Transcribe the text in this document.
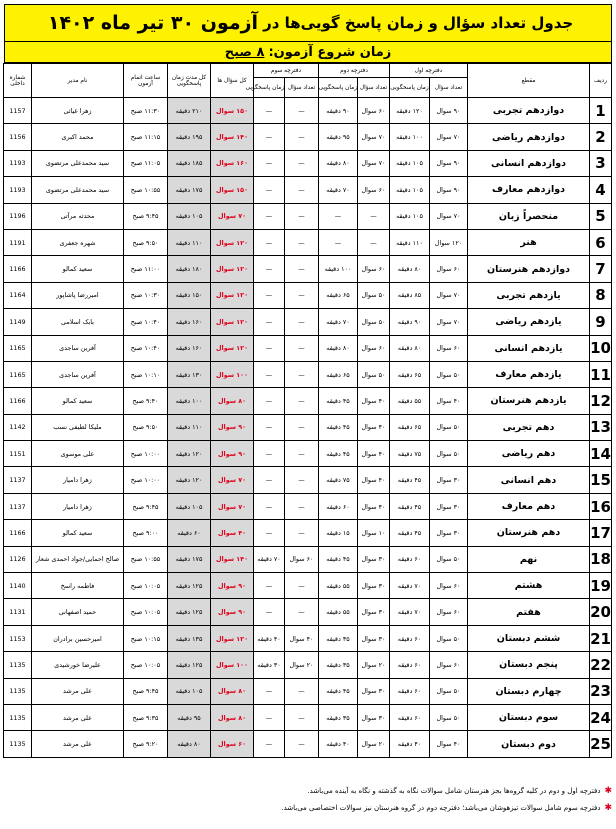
جدول تعداد سؤال و زمان پاسخ گویی‌ها در
آزمون ۳۰ تیر ماه ۱۴۰۲
زمان شروع آزمون:
۸ صبح
ردیف	مقطع	دفترچه اول		دفترچه دوم		دفترچه سوم		کل سؤال ها	کل مدت زمان پاسخگویی	ساعت اتمام آزمون	نام مدیر	شماره داخلی
		تعداد سؤال	زمان پاسخگویی	تعداد سؤال	زمان پاسخگویی	تعداد سؤال	زمان پاسخگویی					
1	دوازدهم تجربی	۹۰ سوال	۱۲۰ دقیقه	۶۰ سوال	۹۰ دقیقه	—	—	۱۵۰ سوال	۲۱۰ دقیقه	۱۱:۳۰ صبح	زهرا غیاثی	1157
2	دوازدهم ریاضی	۷۰ سوال	۱۰۰ دقیقه	۷۰ سوال	۹۵ دقیقه	—	—	۱۴۰ سوال	۱۹۵ دقیقه	۱۱:۱۵ صبح	محمد اکبری	1156
3	دوازدهم انسانی	۹۰ سوال	۱۰۵ دقیقه	۷۰ سوال	۸۰ دقیقه	—	—	۱۶۰ سوال	۱۸۵ دقیقه	۱۱:۰۵ صبح	سید محمدعلی مرتضوی	1193
4	دوازدهم معارف	۹۰ سوال	۱۰۵ دقیقه	۶۰ سوال	۷۰ دقیقه	—	—	۱۵۰ سوال	۱۷۵ دقیقه	۱۰:۵۵ صبح	سید محمدعلی مرتضوی	1193
5	منحصراً زبان	۷۰ سوال	۱۰۵ دقیقه	—	—	—	—	۷۰ سوال	۱۰۵ دقیقه	۹:۴۵ صبح	محدثه مرآتی	1196
6	هنر	۱۲۰ سوال	۱۱۰ دقیقه	—	—	—	—	۱۲۰ سوال	۱۱۰ دقیقه	۹:۵۰ صبح	شهره جعفری	1191
7	دوازدهم هنرستان	۶۰ سوال	۸۰ دقیقه	۶۰ سوال	۱۰۰ دقیقه	—	—	۱۲۰ سوال	۱۸۰ دقیقه	۱۱:۰۰ صبح	سعید کمالو	1166
8	یازدهم تجربی	۷۰ سوال	۸۵ دقیقه	۵۰ سوال	۶۵ دقیقه	—	—	۱۲۰ سوال	۱۵۰ دقیقه	۱۰:۳۰ صبح	امیررضا پاشاپور	1164
9	یازدهم ریاضی	۷۰ سوال	۹۰ دقیقه	۵۰ سوال	۷۰ دقیقه	—	—	۱۲۰ سوال	۱۶۰ دقیقه	۱۰:۴۰ صبح	بابک اسلامی	1149
10	یازدهم انسانی	۶۰ سوال	۸۰ دقیقه	۶۰ سوال	۸۰ دقیقه	—	—	۱۲۰ سوال	۱۶۰ دقیقه	۱۰:۴۰ صبح	آفرین ساجدی	1165
11	یازدهم معارف	۵۰ سوال	۶۵ دقیقه	۵۰ سوال	۶۵ دقیقه	—	—	۱۰۰ سوال	۱۳۰ دقیقه	۱۰:۱۰ صبح	آفرین ساجدی	1165
12	یازدهم هنرستان	۴۰ سوال	۵۵ دقیقه	۴۰ سوال	۴۵ دقیقه	—	—	۸۰ سوال	۱۰۰ دقیقه	۹:۴۰ صبح	سعید کمالو	1166
13	دهم تجربی	۵۰ سوال	۶۵ دقیقه	۴۰ سوال	۴۵ دقیقه	—	—	۹۰ سوال	۱۱۰ دقیقه	۹:۵۰ صبح	ملیکا لطیفی نسب	1142
14	دهم ریاضی	۵۰ سوال	۷۵ دقیقه	۴۰ سوال	۴۵ دقیقه	—	—	۹۰ سوال	۱۲۰ دقیقه	۱۰:۰۰ صبح	علی موسوی	1151
15	دهم انسانی	۳۰ سوال	۴۵ دقیقه	۴۰ سوال	۷۵ دقیقه	—	—	۷۰ سوال	۱۲۰ دقیقه	۱۰:۰۰ صبح	زهرا دامیار	1137
16	دهم معارف	۳۰ سوال	۴۵ دقیقه	۴۰ سوال	۶۰ دقیقه	—	—	۷۰ سوال	۱۰۵ دقیقه	۹:۴۵ صبح	زهرا دامیار	1137
17	دهم هنرستان	۳۰ سوال	۴۵ دقیقه	۱۰ سوال	۱۵ دقیقه	—	—	۴۰ سوال	۶۰ دقیقه	۹:۰۰ صبح	سعید کمالو	1166
18	نهم	۵۰ سوال	۶۰ دقیقه	۳۰ سوال	۴۵ دقیقه	۶۰ سوال	۷۰ دقیقه	۱۴۰ سوال	۱۷۵ دقیقه	۱۰:۵۵ صبح	صالح احمایی/جواد احمدی شعار	1126
19	هشتم	۶۰ سوال	۷۰ دقیقه	۳۰ سوال	۵۵ دقیقه	—	—	۹۰ سوال	۱۲۵ دقیقه	۱۰:۰۵ صبح	فاطمه راسخ	1140
20	هفتم	۶۰ سوال	۷۰ دقیقه	۳۰ سوال	۵۵ دقیقه	—	—	۹۰ سوال	۱۲۵ دقیقه	۱۰:۰۵ صبح	حمید اصفهانی	1131
21	ششم دبستان	۵۰ سوال	۶۰ دقیقه	۳۰ سوال	۳۵ دقیقه	۴۰ سوال	۴۰ دقیقه	۱۲۰ سوال	۱۳۵ دقیقه	۱۰:۱۵ صبح	امیرحسین برادران	1153
22	پنجم دبستان	۶۰ سوال	۶۰ دقیقه	۲۰ سوال	۳۵ دقیقه	۲۰ سوال	۳۰ دقیقه	۱۰۰ سوال	۱۲۵ دقیقه	۱۰:۰۵ صبح	علیرضا خورشیدی	1135
23	چهارم دبستان	۵۰ سوال	۶۰ دقیقه	۳۰ سوال	۴۵ دقیقه	—	—	۸۰ سوال	۱۰۵ دقیقه	۹:۴۵ صبح	علی مرشد	1135
24	سوم دبستان	۵۰ سوال	۶۰ دقیقه	۳۰ سوال	۳۵ دقیقه	—	—	۸۰ سوال	۹۵ دقیقه	۹:۳۵ صبح	علی مرشد	1135
25	دوم دبستان	۴۰ سوال	۴۰ دقیقه	۲۰ سوال	۴۰ دقیقه	—	—	۶۰ سوال	۸۰ دقیقه	۹:۲۰ صبح	علی مرشد	1135
✱
دفترچه اول و دوم در کلیه گروه‌ها بجز هنرستان شامل سوالات نگاه به گذشته و نگاه به آینده می‌باشد.
✱
دفترچه سوم شامل سوالات تیزهوشان می‌باشد؛ دفترچه دوم در گروه هنرستان نیز سوالات اختصاصی می‌باشد.
